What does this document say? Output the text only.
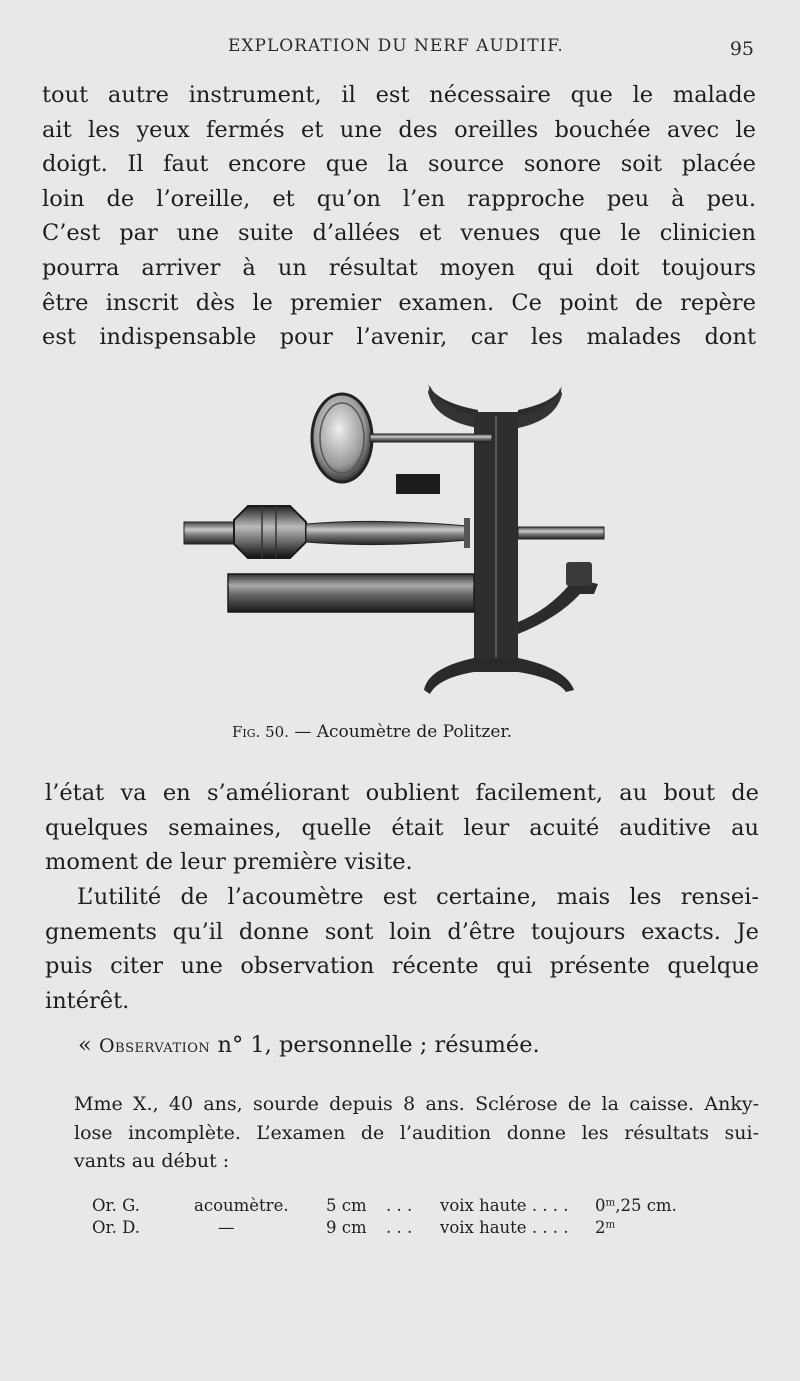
EXPLORATION DU NERF AUDITIF.	95

tout autre instrument, il est nécessaire que le malade
ait les yeux fermés et une des oreilles bouchée avec le
doigt. Il faut encore que la source sonore soit placée
loin de l’oreille, et qu’on l’en rapproche peu à peu.
C’est par une suite d’allées et venues que le clinicien
pourra arriver à un résultat moyen qui doit toujours
être inscrit dès le premier examen. Ce point de repère
est indispensable pour l’avenir, car les malades dont

Fig. 50. — Acoumètre de Politzer.

l’état va en s’améliorant oublient facilement, au bout de
quelques semaines, quelle était leur acuité auditive au
moment de leur première visite.

L’utilité de l’acoumètre est certaine, mais les rensei-
gnements qu’il donne sont loin d’être toujours exacts. Je
puis citer une observation récente qui présente quelque
intérêt.

« Observation n° 1, personnelle ; résumée.
Mme X., 40 ans, sourde depuis 8 ans. Sclérose de la caisse. Anky-
lose incomplète. L’examen de l’audition donne les résultats sui-
vants au début :
Or. G.	acoumètre.	5 cm	. . .	voix haute . . . .	0$^m$,25 cm.
Or. D.	—	9 cm	. . .	voix haute . . . .	2$^m$
